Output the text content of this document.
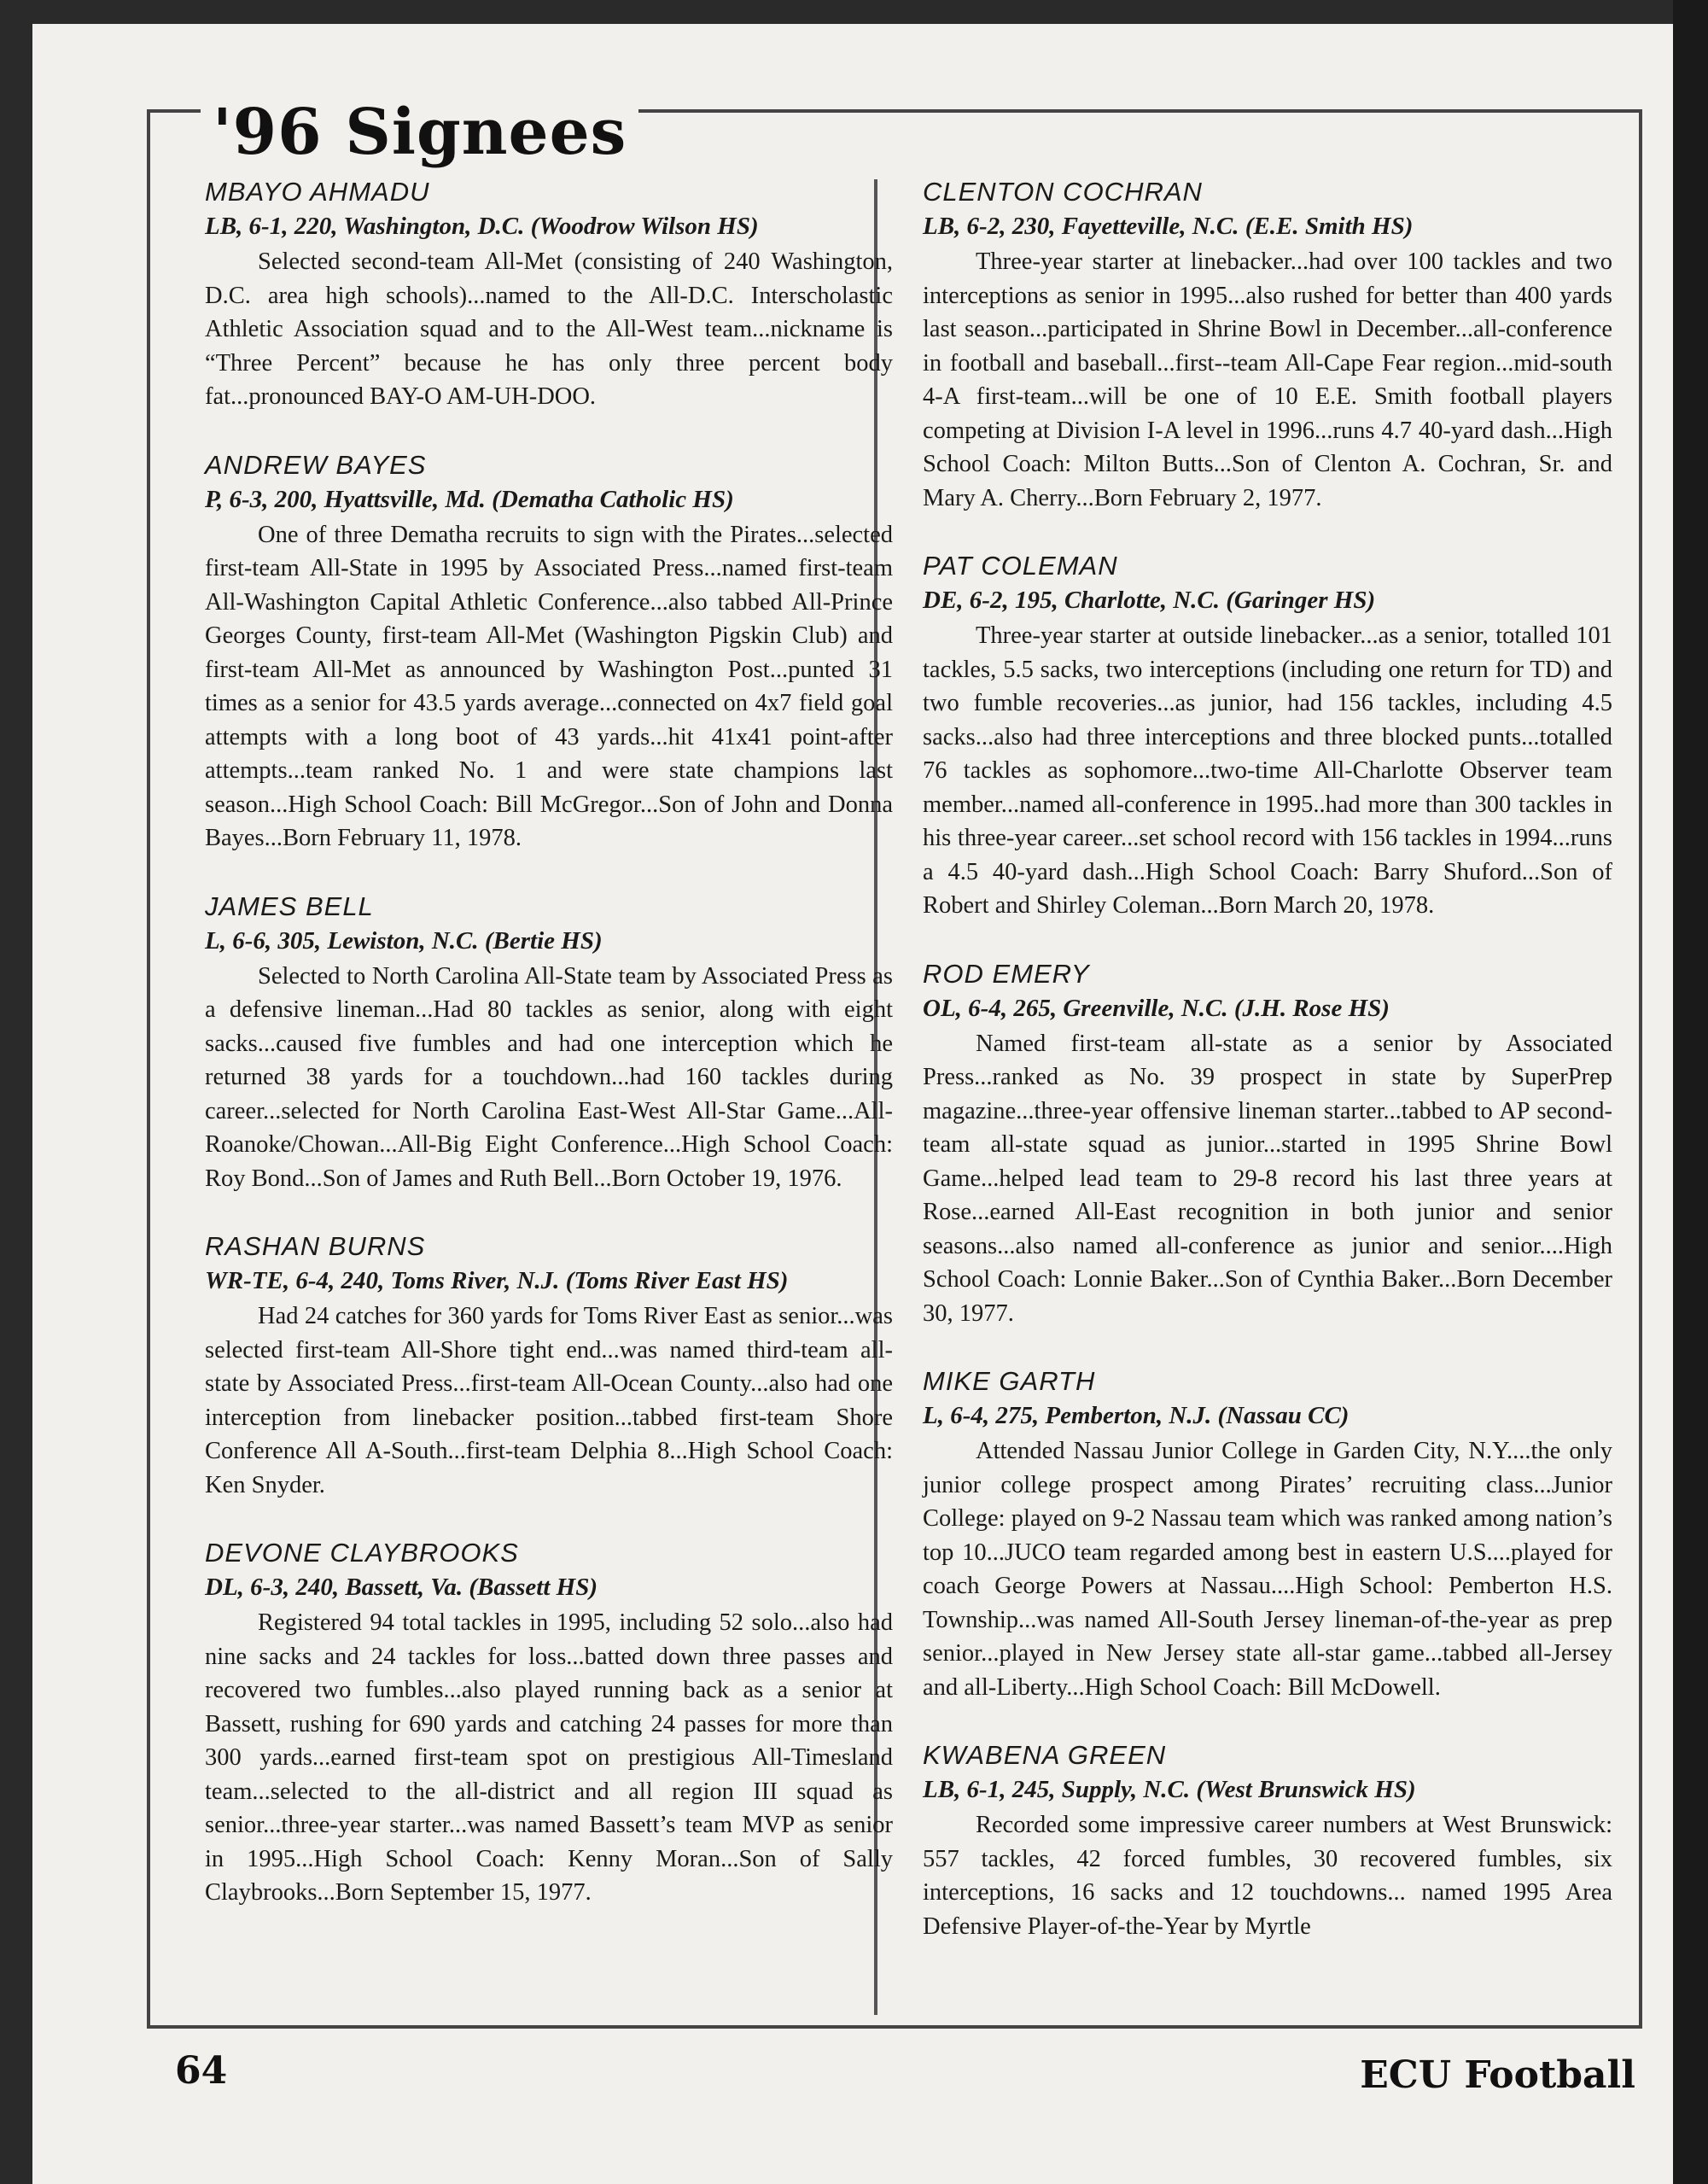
'96 Signees

MBAYO AHMADU

LB, 6-1, 220, Washington, D.C. (Woodrow Wilson HS)

Selected second-team All-Met (consisting of 240 Washington, D.C. area high schools)...named to the All-D.C. Interscholastic Athletic Association squad and to the All-West team...nickname is “Three Percent” because he has only three percent body fat...pronounced BAY-O AM-UH-DOO.

ANDREW BAYES

P, 6-3, 200, Hyattsville, Md. (Dematha Catholic HS)

One of three Dematha recruits to sign with the Pirates...selected first-team All-State in 1995 by Associated Press...named first-team All-Washington Capital Athletic Conference...also tabbed All-Prince Georges County, first-team All-Met (Washington Pigskin Club) and first-team All-Met as announced by Washington Post...punted 31 times as a senior for 43.5 yards average...connected on 4x7 field goal attempts with a long boot of 43 yards...hit 41x41 point-after attempts...team ranked No. 1 and were state champions last season...High School Coach: Bill McGregor...Son of John and Donna Bayes...Born February 11, 1978.

JAMES BELL

L, 6-6, 305, Lewiston, N.C. (Bertie HS)

Selected to North Carolina All-State team by Associated Press as a defensive lineman...Had 80 tackles as senior, along with eight sacks...caused five fumbles and had one interception which he returned 38 yards for a touchdown...had 160 tackles during career...selected for North Carolina East-West All-Star Game...All-Roanoke/Chowan...All-Big Eight Conference...High School Coach: Roy Bond...Son of James and Ruth Bell...Born October 19, 1976.

RASHAN BURNS

WR-TE, 6-4, 240, Toms River, N.J. (Toms River East HS)

Had 24 catches for 360 yards for Toms River East as senior...was selected first-team All-Shore tight end...was named third-team all-state by Associated Press...first-team All-Ocean County...also had one interception from linebacker position...tabbed first-team Shore Conference All A-South...first-team Delphia 8...High School Coach: Ken Snyder.

DEVONE CLAYBROOKS

DL, 6-3, 240, Bassett, Va. (Bassett HS)

Registered 94 total tackles in 1995, including 52 solo...also had nine sacks and 24 tackles for loss...batted down three passes and recovered two fumbles...also played running back as a senior at Bassett, rushing for 690 yards and catching 24 passes for more than 300 yards...earned first-team spot on prestigious All-Timesland team...selected to the all-district and all region III squad as senior...three-year starter...was named Bassett’s team MVP as senior in 1995...High School Coach: Kenny Moran...Son of Sally Claybrooks...Born September 15, 1977.

CLENTON COCHRAN

LB, 6-2, 230, Fayetteville, N.C. (E.E. Smith HS)

Three-year starter at linebacker...had over 100 tackles and two interceptions as senior in 1995...also rushed for better than 400 yards last season...participated in Shrine Bowl in December...all-conference in football and baseball...first--team All-Cape Fear region...mid-south 4-A first-team...will be one of 10 E.E. Smith football players competing at Division I-A level in 1996...runs 4.7 40-yard dash...High School Coach: Milton Butts...Son of Clenton A. Cochran, Sr. and Mary A. Cherry...Born February 2, 1977.

PAT COLEMAN

DE, 6-2, 195, Charlotte, N.C. (Garinger HS)

Three-year starter at outside linebacker...as a senior, totalled 101 tackles, 5.5 sacks, two interceptions (including one return for TD) and two fumble recoveries...as junior, had 156 tackles, including 4.5 sacks...also had three interceptions and three blocked punts...totalled 76 tackles as sophomore...two-time All-Charlotte Observer team member...named all-conference in 1995..had more than 300 tackles in his three-year career...set school record with 156 tackles in 1994...runs a 4.5 40-yard dash...High School Coach: Barry Shuford...Son of Robert and Shirley Coleman...Born March 20, 1978.

ROD EMERY

OL, 6-4, 265, Greenville, N.C. (J.H. Rose HS)

Named first-team all-state as a senior by Associated Press...ranked as No. 39 prospect in state by SuperPrep magazine...three-year offensive lineman starter...tabbed to AP second-team all-state squad as junior...started in 1995 Shrine Bowl Game...helped lead team to 29-8 record his last three years at Rose...earned All-East recognition in both junior and senior seasons...also named all-conference as junior and senior....High School Coach: Lonnie Baker...Son of Cynthia Baker...Born December 30, 1977.

MIKE GARTH

L, 6-4, 275, Pemberton, N.J. (Nassau CC)

Attended Nassau Junior College in Garden City, N.Y....the only junior college prospect among Pirates’ recruiting class...Junior College: played on 9-2 Nassau team which was ranked among nation’s top 10...JUCO team regarded among best in eastern U.S....played for coach George Powers at Nassau....High School: Pemberton H.S. Township...was named All-South Jersey lineman-of-the-year as prep senior...played in New Jersey state all-star game...tabbed all-Jersey and all-Liberty...High School Coach: Bill McDowell.

KWABENA GREEN

LB, 6-1, 245, Supply, N.C. (West Brunswick HS)

Recorded some impressive career numbers at West Brunswick: 557 tackles, 42 forced fumbles, 30 recovered fumbles, six interceptions, 16 sacks and 12 touchdowns... named 1995 Area Defensive Player-of-the-Year by Myrtle

64	ECU Football
